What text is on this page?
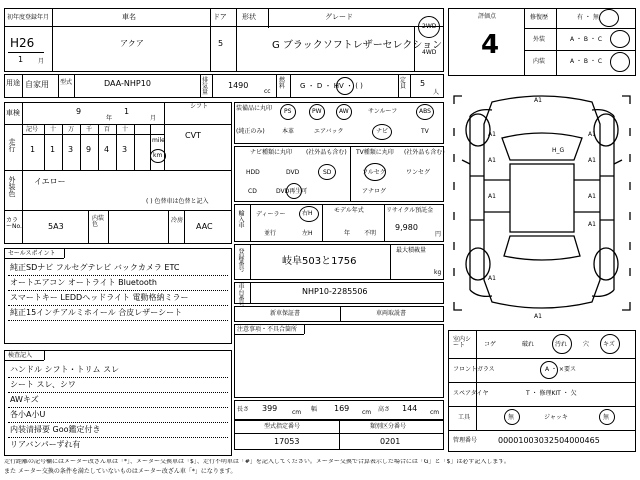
初年度登録年月	車名	ドア 形状	グレード
H26
1 月
アクア	5	G ブラックソフトレザーセレクション
2WD
4WD
用途 自家用 型式	DAA-NHP10	排気量
1490
cc
燃料 G ・ D ・ HV ・ ( )
定員 5
人
シフト
CVT
車検	9
年
1
月
走行
記号 十 万 千 百 十
1 1 3 9 4 3
mile
km
外装色 イエロー
( ) 色替車は色替と記入
カラーNo.	5A3
内装色
冷房
AAC
セールスポイント
純正SDナビ フルセグテレビ バックカメラ ETC
オートエアコン オートライト Bluetooth
スマートキー LEDDヘッドライト 電動格納ミラー
純正15インチアルミホイール 合皮レザーシート
検査記入
ハンドル シフト・トリム スレ
シート スレ、シワ
AWキズ
各小A小U
内装清掃要 Goo鑑定付き
リアバンパーずれ有
装備品に丸印
(純正のみ)
PS	PW	AW	サンルーフ	ABS
本革	エアバック	ナビ	TV
ナビ種類に丸印 (社外品も含む)
HDD	DVD	SD
CD	DVD再生可
TV種類に丸印 (社外品も含む)
フルセグ	ワンセグ
アナログ
輸入車 ディーラー	右H
並行	左H
モデル年式
年 不明
リサイクル預託金
9,980
円
登録番号	岐阜503と1756
最大積載量
kg
車台番号	NHP10-2285506
新車保証書	車両取説書
注意事項・不具合箇所
長さ 399 cm 幅 169 cm 高さ 144 cm
型式指定番号
17053
類別区分番号
0201
評価点
4
修復歴	有 ・ 無
外装	A ・ B ・ C
内装	A ・ B ・ C
A1
A1	A1
A1	A1
A1	A1
A1
H_G
A1
A1
室内シート	コゲ	破れ	汚れ	穴 キズ
フロントガラス	A ・ ×要ス
スペアタイヤ	T ・ 修理KIT ・ 欠
工具	無	ジャッキ	無
管理番号	00001003032504000465
走行距離の記号欄にはメーター改ざん車は「*」、メーター交換車は「$」、走行不明車は「#」を記入してください。メーター交換で合算表示した場合には「G」と「$」は必ず記入します。
また メーター交換の条件を満たしていないものはメーター改ざん車「*」になります。
